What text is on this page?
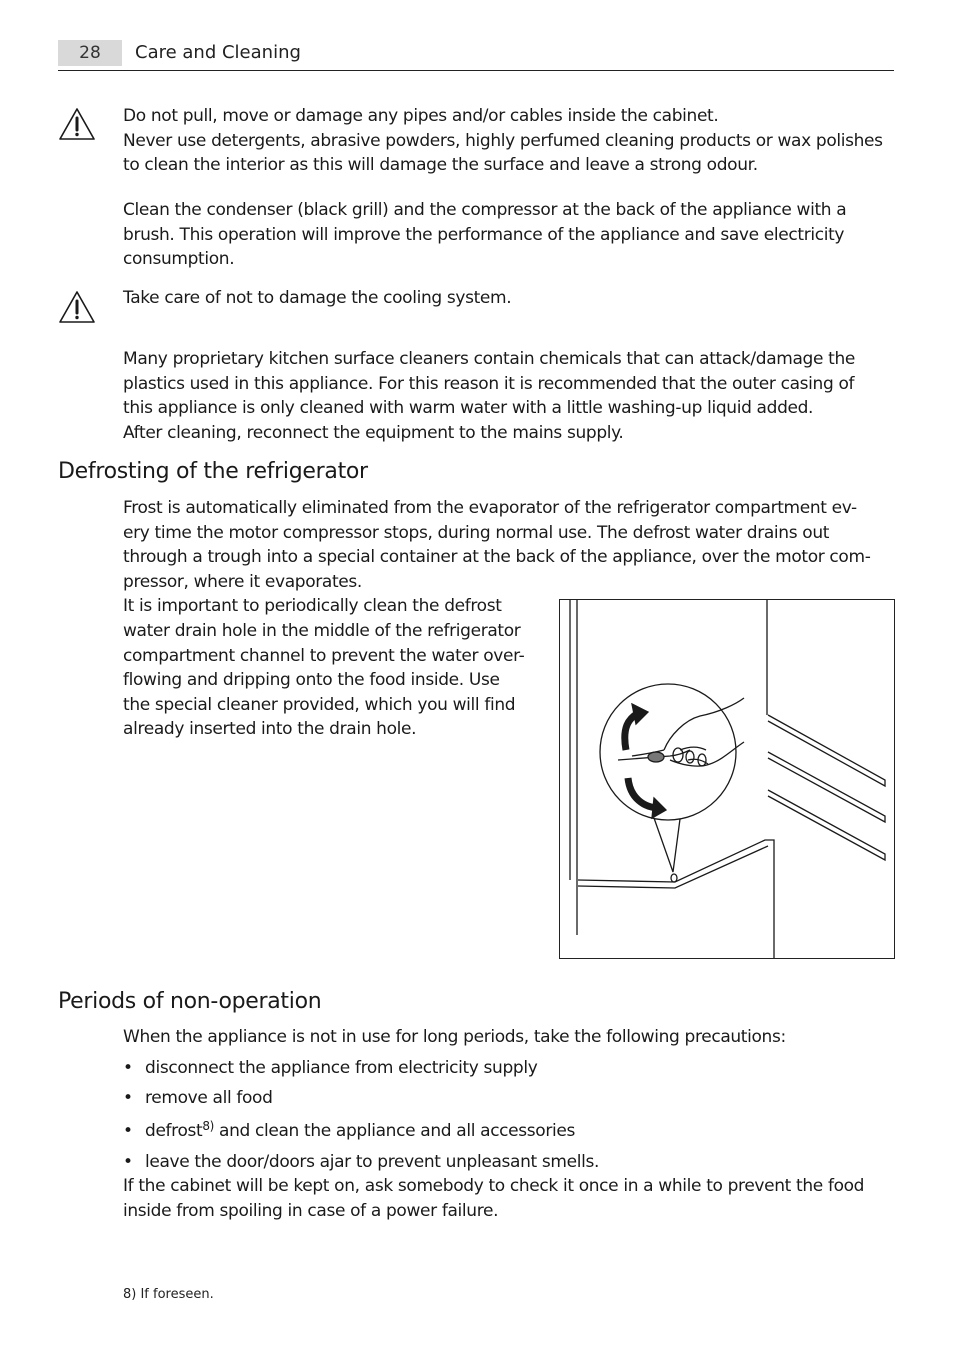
28	Care and Cleaning
Do not pull, move or damage any pipes and/or cables inside the cabinet.
Never use detergents, abrasive powders, highly perfumed cleaning products or wax polishes
to clean the interior as this will damage the surface and leave a strong odour.
Clean the condenser (black grill) and the compressor at the back of the appliance with a
brush. This operation will improve the performance of the appliance and save electricity
consumption.
Take care of not to damage the cooling system.
Many proprietary kitchen surface cleaners contain chemicals that can attack/damage the
plastics used in this appliance. For this reason it is recommended that the outer casing of
this appliance is only cleaned with warm water with a little washing-up liquid added.
After cleaning, reconnect the equipment to the mains supply.
Defrosting of the refrigerator
Frost is automatically eliminated from the evaporator of the refrigerator compartment ev-
ery time the motor compressor stops, during normal use. The defrost water drains out
through a trough into a special container at the back of the appliance, over the motor com-
pressor, where it evaporates.
It is important to periodically clean the defrost
water drain hole in the middle of the refrigerator
compartment channel to prevent the water over-
flowing and dripping onto the food inside. Use
the special cleaner provided, which you will find
already inserted into the drain hole.
Periods of non-operation
When the appliance is not in use for long periods, take the following precautions:
• disconnect the appliance from electricity supply
• remove all food
• defrost$^{8)}$ and clean the appliance and all accessories
• leave the door/doors ajar to prevent unpleasant smells.
If the cabinet will be kept on, ask somebody to check it once in a while to prevent the food
inside from spoiling in case of a power failure.
8) If foreseen.
